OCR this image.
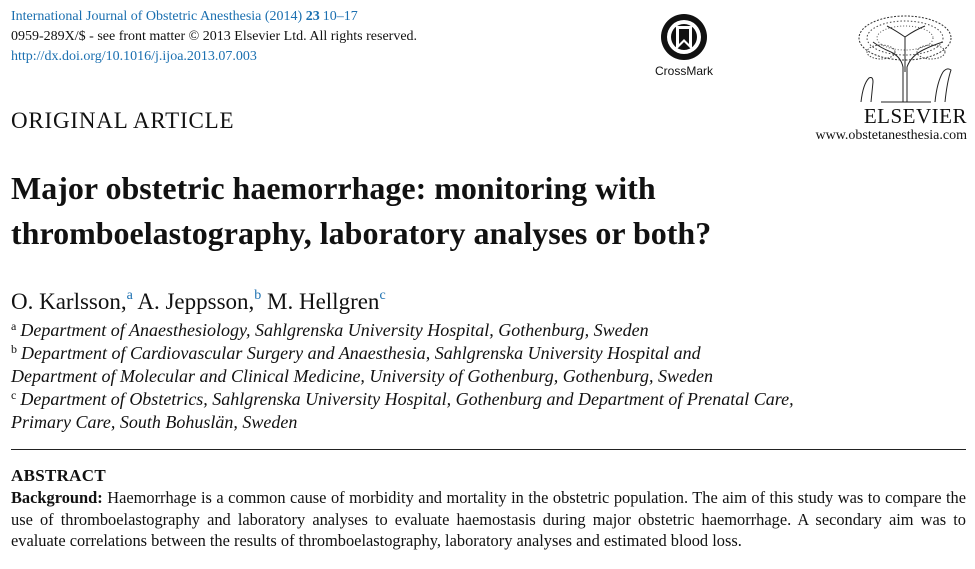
International Journal of Obstetric Anesthesia (2014) 23 10–17
0959-289X/$ - see front matter © 2013 Elsevier Ltd. All rights reserved.
http://dx.doi.org/10.1016/j.ijoa.2013.07.003
CrossMark
ELSEVIER
www.obstetanesthesia.com
ORIGINAL ARTICLE
Major obstetric haemorrhage: monitoring with
thromboelastography, laboratory analyses or both?
O. Karlsson,$^a$ A. Jeppsson,$^b$ M. Hellgren$^c$
$^a$ Department of Anaesthesiology, Sahlgrenska University Hospital, Gothenburg, Sweden
$^b$ Department of Cardiovascular Surgery and Anaesthesia, Sahlgrenska University Hospital and
Department of Molecular and Clinical Medicine, University of Gothenburg, Gothenburg, Sweden
$^c$ Department of Obstetrics, Sahlgrenska University Hospital, Gothenburg and Department of Prenatal Care,
Primary Care, South Bohuslän, Sweden
ABSTRACT
Background: Haemorrhage is a common cause of morbidity and mortality in the obstetric population. The aim of this study was to compare the use of thromboelastography and laboratory analyses to evaluate haemostasis during major obstetric haemorrhage. A secondary aim was to evaluate correlations between the results of thromboelastography, laboratory analyses and estimated blood loss.
